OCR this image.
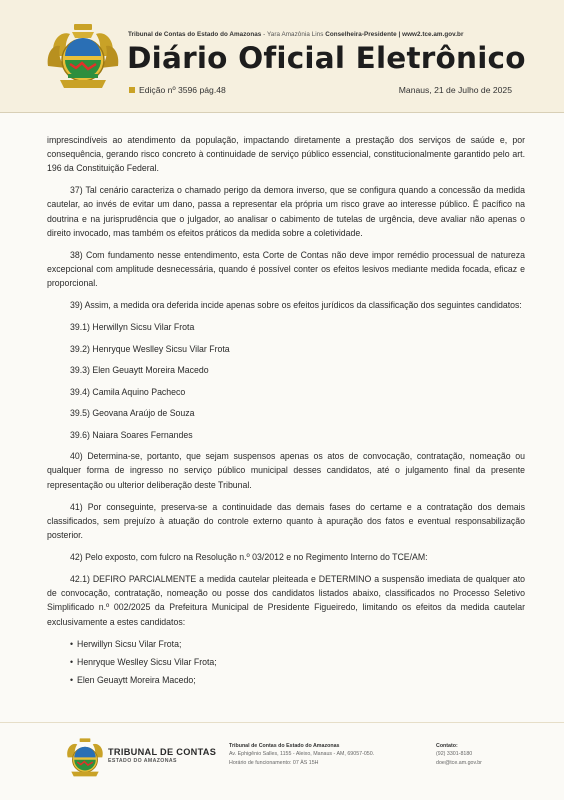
Tribunal de Contas do Estado do Amazonas - Yara Amazônia Lins Conselheira-Presidente | www2.tce.am.gov.br
Diário Oficial Eletrônico
Edição nº 3596 pág.48	Manaus, 21 de Julho de 2025

imprescindíveis ao atendimento da população, impactando diretamente a prestação dos serviços de saúde e, por consequência, gerando risco concreto à continuidade de serviço público essencial, constitucionalmente garantido pelo art. 196 da Constituição Federal.

37) Tal cenário caracteriza o chamado perigo da demora inverso, que se configura quando a concessão da medida cautelar, ao invés de evitar um dano, passa a representar ela própria um risco grave ao interesse público. É pacífico na doutrina e na jurisprudência que o julgador, ao analisar o cabimento de tutelas de urgência, deve avaliar não apenas o direito invocado, mas também os efeitos práticos da medida sobre a coletividade.

38) Com fundamento nesse entendimento, esta Corte de Contas não deve impor remédio processual de natureza excepcional com amplitude desnecessária, quando é possível conter os efeitos lesivos mediante medida focada, eficaz e proporcional.

39) Assim, a medida ora deferida incide apenas sobre os efeitos jurídicos da classificação dos seguintes candidatos:

39.1) Herwillyn Sicsu Vilar Frota

39.2) Henryque Weslley Sicsu Vilar Frota

39.3) Elen Geuaytt Moreira Macedo

39.4) Camila Aquino Pacheco

39.5) Geovana Araújo de Souza

39.6) Naiara Soares Fernandes

40) Determina-se, portanto, que sejam suspensos apenas os atos de convocação, contratação, nomeação ou qualquer forma de ingresso no serviço público municipal desses candidatos, até o julgamento final da presente representação ou ulterior deliberação deste Tribunal.

41) Por conseguinte, preserva-se a continuidade das demais fases do certame e a contratação dos demais classificados, sem prejuízo à atuação do controle externo quanto à apuração dos fatos e eventual responsabilização posterior.

42) Pelo exposto, com fulcro na Resolução n.º 03/2012 e no Regimento Interno do TCE/AM:

42.1) DEFIRO PARCIALMENTE a medida cautelar pleiteada e DETERMINO a suspensão imediata de qualquer ato de convocação, contratação, nomeação ou posse dos candidatos listados abaixo, classificados no Processo Seletivo Simplificado n.º 002/2025 da Prefeitura Municipal de Presidente Figueiredo, limitando os efeitos da medida cautelar exclusivamente a estes candidatos:

• Herwillyn Sicsu Vilar Frota;
• Henryque Weslley Sicsu Vilar Frota;
• Elen Geuaytt Moreira Macedo;
TRIBUNAL DE CONTAS
ESTADO DO AMAZONAS
Tribunal de Contas do Estado do Amazonas
Av. Ephigênio Salles, 1155 - Aleixo, Manaus - AM, 69057-050.
Horário de funcionamento: 07 ÀS 15H
Contato:
(92) 3301-8180
doe@tce.am.gov.br
